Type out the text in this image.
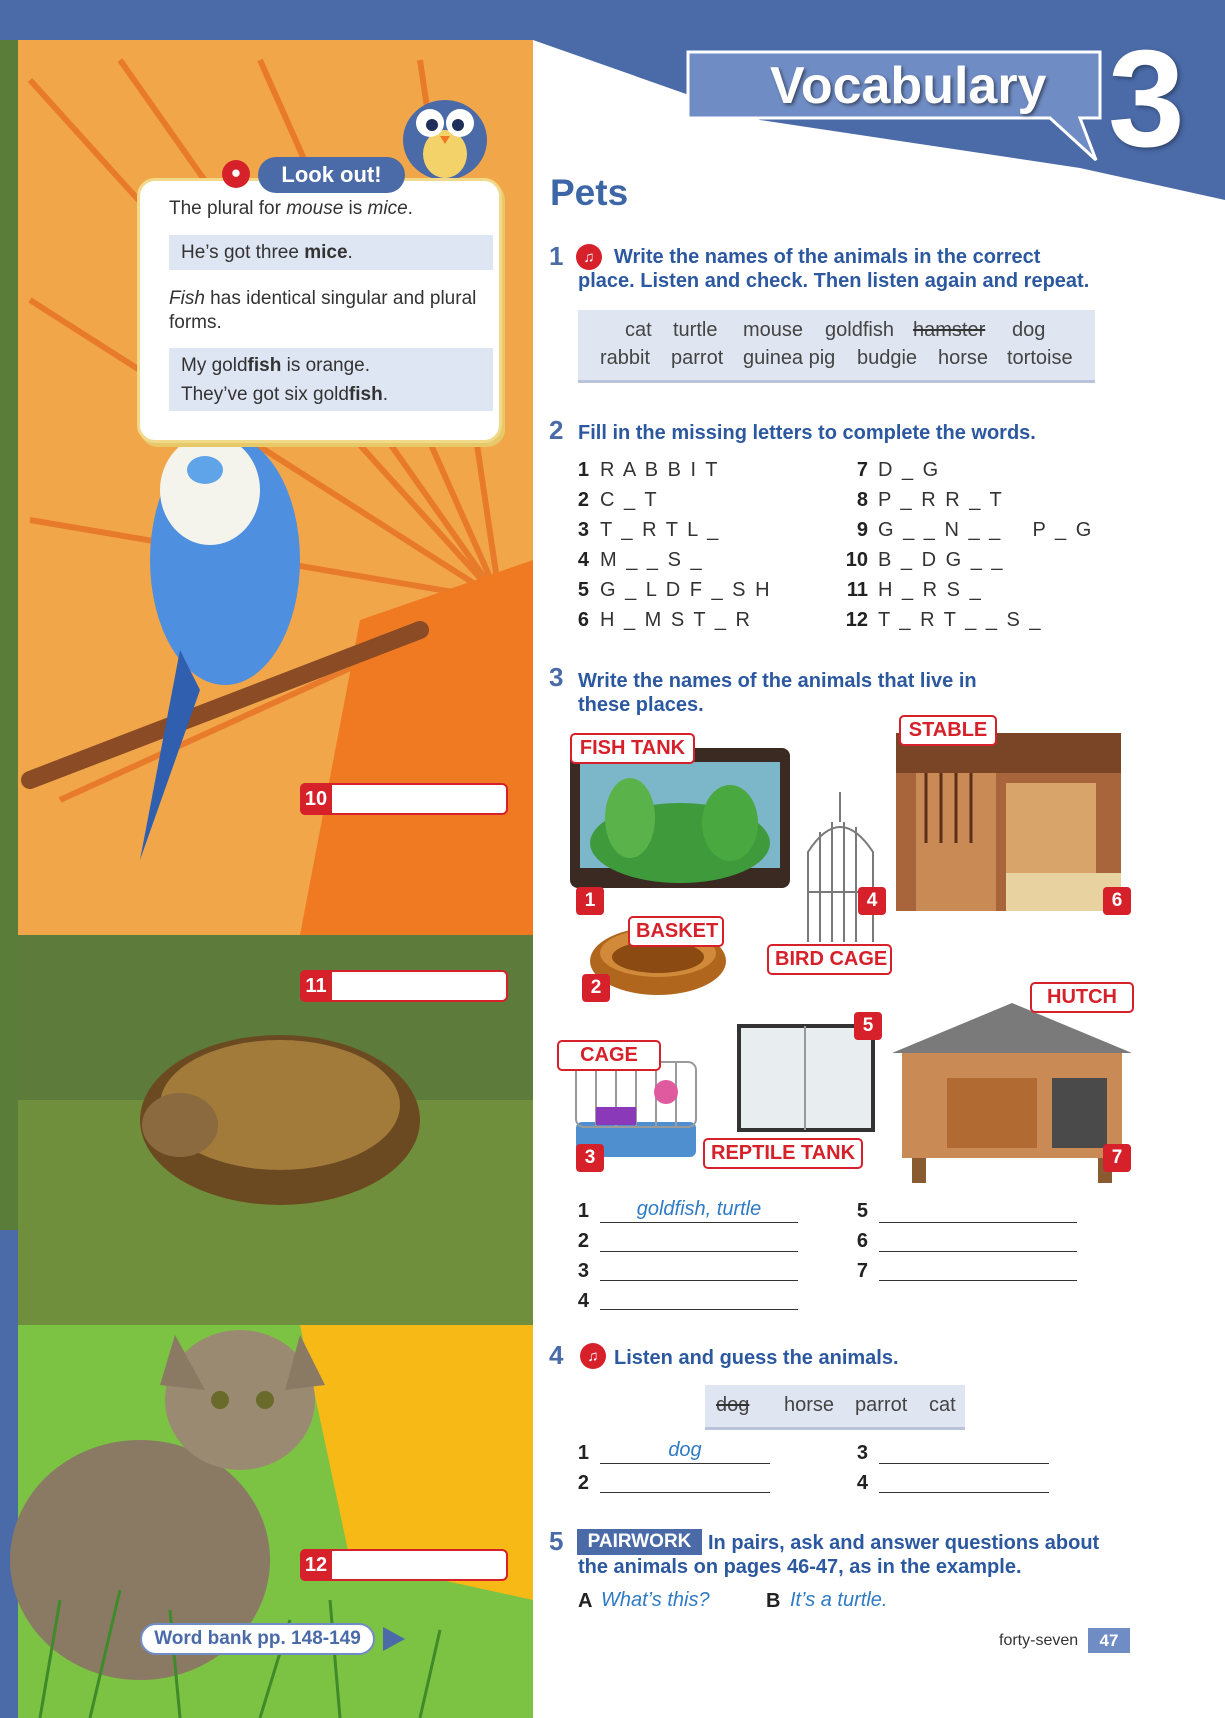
Vocabulary 3
⚫	Look out!
The plural for mouse is mice.
He’s got three mice.
Fish has identical singular and plural forms.
My goldfish is orange.
They’ve got six goldfish.
10
11
12
Word bank pp. 148-149
Pets
1	♫ Write the names of the animals in the correct place. Listen and check. Then listen again and repeat.
cat turtle mouse goldfish hamster dog
rabbit parrot guinea pig budgie horse tortoise
2 Fill in the missing letters to complete the words.
1 R A B B I T
2 C _ T
3 T _ R T L _
4 M _ _ S _
5 G _ L D F _ S H
6 H _ M S T _ R
7 D _ G
8 P _ R R _ T
9 G _ _ N _ _    P _ G
10 B _ D G _ _
11 H _ R S _
12 T _ R T _ _ S _
3 Write the names of the animals that live in these places.
FISH TANK
STABLE
BASKET
BIRD CAGE
HUTCH
CAGE
REPTILE TANK
1
2
3
4
5
6
7
1	goldfish, turtle
2
3
4
5
6
7
4	♫ Listen and guess the animals.
dog horse parrot cat
1	dog
2
3
4
5	PAIRWORK In pairs, ask and answer questions about
the animals on pages 46-47, as in the example.
A What’s this?	B It’s a turtle.
forty-seven	47
